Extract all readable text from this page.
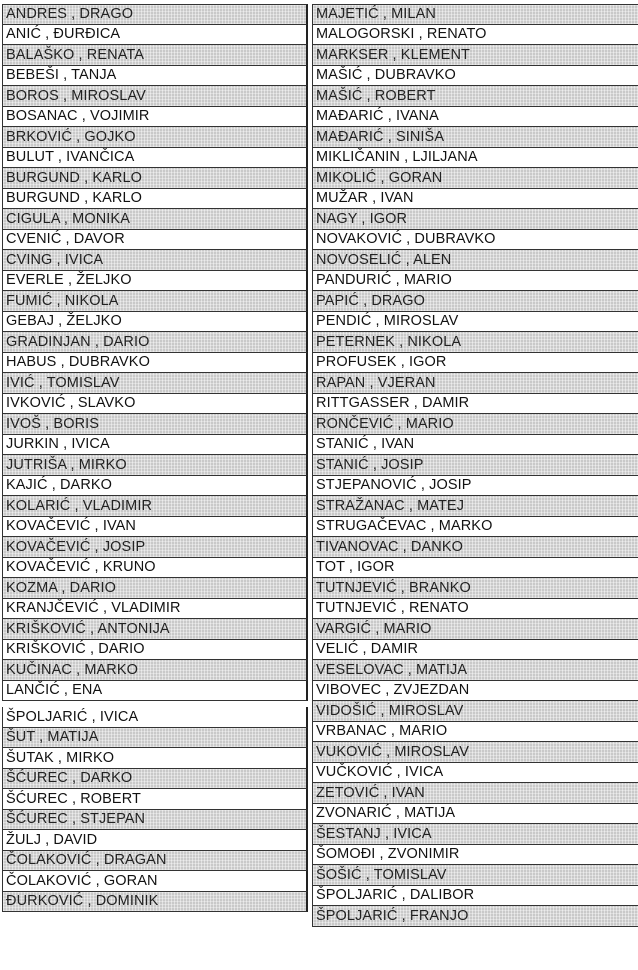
ANDRES , DRAGO
ANIĆ , ĐURĐICA
BALAŠKO , RENATA
BEBEŠI , TANJA
BOROS , MIROSLAV
BOSANAC , VOJIMIR
BRKOVIĆ , GOJKO
BULUT , IVANČICA
BURGUND , KARLO
BURGUND , KARLO
CIGULA , MONIKA
CVENIĆ , DAVOR
CVING , IVICA
EVERLE , ŽELJKO
FUMIĆ , NIKOLA
GEBAJ , ŽELJKO
GRADINJAN , DARIO
HABUS , DUBRAVKO
IVIĆ , TOMISLAV
IVKOVIĆ , SLAVKO
IVOŠ , BORIS
JURKIN , IVICA
JUTRIŠA , MIRKO
KAJIĆ , DARKO
KOLARIĆ , VLADIMIR
KOVAČEVIĆ , IVAN
KOVAČEVIĆ , JOSIP
KOVAČEVIĆ , KRUNO
KOZMA , DARIO
KRANJČEVIĆ , VLADIMIR
KRIŠKOVIĆ , ANTONIJA
KRIŠKOVIĆ , DARIO
KUČINAC , MARKO
LANČIĆ , ENA
ŠPOLJARIĆ , IVICA
ŠUT , MATIJA
ŠUTAK , MIRKO
ŠĆUREC , DARKO
ŠĆUREC , ROBERT
ŠĆUREC , STJEPAN
ŽULJ , DAVID
ČOLAKOVIĆ , DRAGAN
ČOLAKOVIĆ , GORAN
ĐURKOVIĆ , DOMINIK
MAJETIĆ , MILAN
MALOGORSKI , RENATO
MARKSER , KLEMENT
MAŠIĆ , DUBRAVKO
MAŠIĆ , ROBERT
MAĐARIĆ , IVANA
MAĐARIĆ , SINIŠA
MIKLIČANIN , LJILJANA
MIKOLIĆ , GORAN
MUŽAR , IVAN
NAGY , IGOR
NOVAKOVIĆ , DUBRAVKO
NOVOSELIĆ , ALEN
PANDURIĆ , MARIO
PAPIĆ , DRAGO
PENDIĆ , MIROSLAV
PETERNEK , NIKOLA
PROFUSEK , IGOR
RAPAN , VJERAN
RITTGASSER , DAMIR
RONČEVIĆ , MARIO
STANIĆ , IVAN
STANIĆ , JOSIP
STJEPANOVIĆ , JOSIP
STRAŽANAC , MATEJ
STRUGAČEVAC , MARKO
TIVANOVAC , DANKO
TOT , IGOR
TUTNJEVIĆ , BRANKO
TUTNJEVIĆ , RENATO
VARGIĆ , MARIO
VELIĆ , DAMIR
VESELOVAC , MATIJA
VIBOVEC , ZVJEZDAN
VIDOŠIĆ , MIROSLAV
VRBANAC , MARIO
VUKOVIĆ , MIROSLAV
VUČKOVIĆ , IVICA
ZETOVIĆ , IVAN
ZVONARIĆ , MATIJA
ŠESTANJ , IVICA
ŠOMOĐI , ZVONIMIR
ŠOŠIĆ , TOMISLAV
ŠPOLJARIĆ , DALIBOR
ŠPOLJARIĆ , FRANJO
